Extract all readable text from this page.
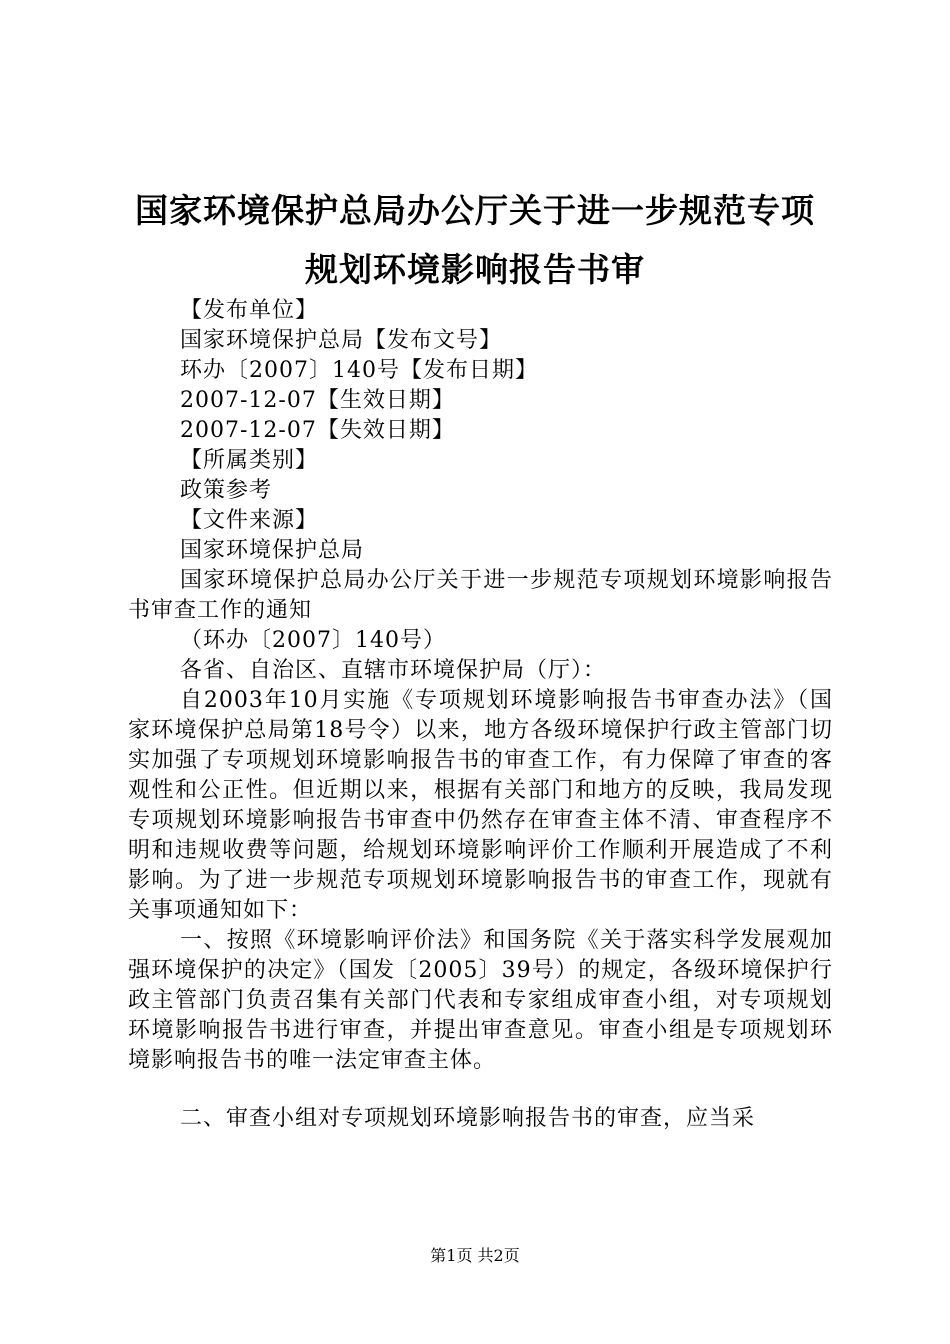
国家环境保护总局办公厅关于进一步规范专项
规划环境影响报告书审

【发布单位】

国家环境保护总局【发布文号】

环办〔2007〕140号【发布日期】

2007-12-07【生效日期】

2007-12-07【失效日期】

【所属类别】

政策参考

【文件来源】

国家环境保护总局

国家环境保护总局办公厅关于进一步规范专项规划环境影响报告书审查工作的通知

（环办〔2007〕140号）

各省、自治区、直辖市环境保护局（厅）：

自2003年10月实施《专项规划环境影响报告书审查办法》（国家环境保护总局第18号令）以来，地方各级环境保护行政主管部门切实加强了专项规划环境影响报告书的审查工作，有力保障了审查的客观性和公正性。但近期以来，根据有关部门和地方的反映，我局发现专项规划环境影响报告书审查中仍然存在审查主体不清、审查程序不明和违规收费等问题，给规划环境影响评价工作顺利开展造成了不利影响。为了进一步规范专项规划环境影响报告书的审查工作，现就有关事项通知如下：

一、按照《环境影响评价法》和国务院《关于落实科学发展观加强环境保护的决定》（国发〔2005〕39号）的规定，各级环境保护行政主管部门负责召集有关部门代表和专家组成审查小组，对专项规划环境影响报告书进行审查，并提出审查意见。审查小组是专项规划环境影响报告书的唯一法定审查主体。

二、审查小组对专项规划环境影响报告书的审查，应当采

第1页 共2页
